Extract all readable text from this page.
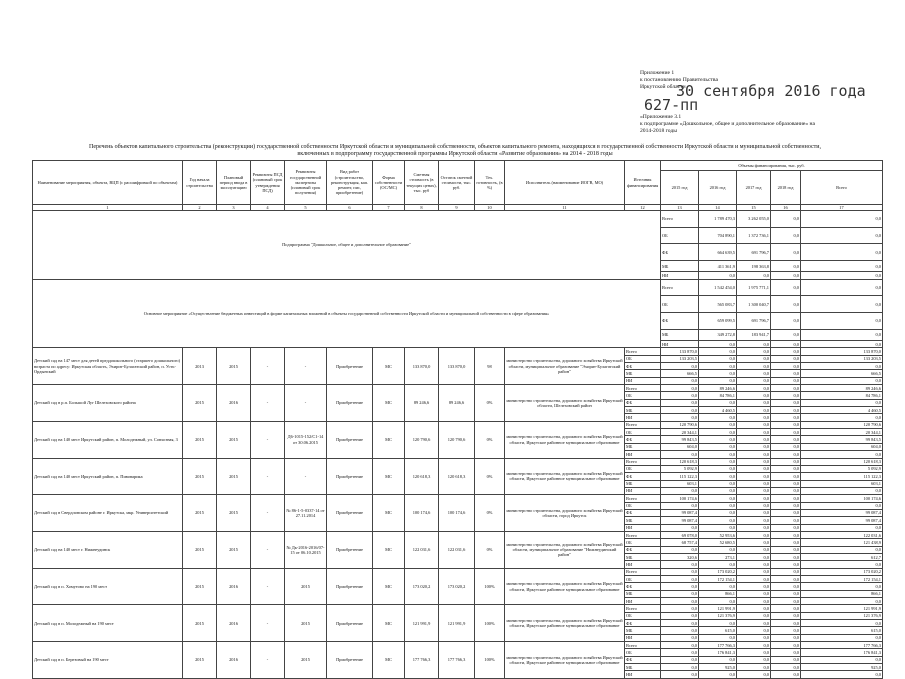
Приложение 1
к постановлению Правительства
Иркутской области
30 сентября 2016 года
627-пп
«Приложение 3.1
к подпрограмме «Дошкольное, общее и дополнительное образование» на
2014-2018 годы
Перечень объектов капитального строительства (реконструкции) государственной собственности Иркутской области и муниципальной собственности, объектов капитального ремонта, находящихся в государственной собственности Иркутской области и муниципальной собственности,
включенных в подпрограмму государственной программы Иркутской области «Развитие образования» на 2014 - 2018 годы
Наименование мероприятия, объекта, ВЦП (с расшифровкой по объектам)	Год начала строительства	Плановый период ввода в эксплуатацию	Реквизиты ПСД (плановый срок утверждения ПСД)	Реквизиты государственной экспертизы (плановый срок получения)	Вид работ (строительство, реконструкция, кап. ремонт, пис, приобретение)	Форма собственности (ОС/МС)	Сметная стоимость (в текущих ценах), тыс. руб	Остаток сметной стоимости, тыс. руб.	Тех. готовность, (в %)	Исполнитель (наименование ИОГВ, МО)	Источник финансирования	Объемы финансирования, тыс. руб.					
												2015 год	2016 год	2017 год	2018 год	Всего	
1	2	3	4	5	6	7	8	9	10	11	12	13	14	15	16	17	
Подпрограмма "Дошкольное, общее и дополнительное образование"												Всего	1 789 470,3	3 262 055,0	0,0	0,0	
												ОБ	704 890,1	1 372 736,1	0,0	0,0	
												ФБ	664 639,5	691 796,7	0,0	0,0	
												МБ	411 361,9	198 363,8	0,0	0,0	
												НИ	0,0	0,0	0,0	0,0	
Основное мероприятие «Осуществление бюджетных инвестиций в форме капитальных вложений в объекты государственной собственности Иркутской области и муниципальной собственности в сфере образования»												Всего	1 542 454,0	1 975 771,1	0,0	0,0	
												ОБ	565 083,7	1 300 040,7	0,0	0,0	
												ФБ	659 099,5	691 796,7	0,0	0,0	
												МБ	349 272,8	183 941,7	0,0	0,0	
												НИ	0,0	0,0	0,0	0,0	
Детский сад на 147 мест для детей преддошкольного (старшего дошкольного) возраста по адресу: Иркутская область, Эхирит-Булагатский район, п. Усть-Ордынский	2013	2015	-	-	Приобретение	МС	133 870,0	133 870,0	98	министерство строительства, дорожного хозяйства Иркутской области, муниципальное образование "Эхирит-Булагатский район"	Всего	133 870,0	0,0	0,0	0,0	133 870,0	
											ОБ	133 203,5	0,0	0,0	0,0	133 203,5	
											ФБ	0,0	0,0	0,0	0,0	0,0	
											МБ	666,5	0,0	0,0	0,0	666,5	
											НИ	0,0	0,0	0,0	0,0	0,0	
Детский сад в р.п. Большой Луг Шелеховского района	2015	2016	-	-	Приобретение	МС	89 246,6	89 246,6	0%	министерство строительства, дорожного хозяйства Иркутской области, Шелеховский район	Всего	0,0	89 246,6	0,0	0,0	89 246,6	
											ОБ	0,0	84 786,1	0,0	0,0	84 786,1	
											ФБ	0,0	0,0	0,0	0,0	0,0	
											МБ	0,0	4 460,5	0,0	0,0	4 460,5	
											НИ	0,0	0,0	0,0	0,0	0,0	
Детский сад на 140 мест Иркутский район, п. Молодежный, ул. Совхозная, 3	2015	2015	-	Д6-1015-152/С1-14 от 30.06.2015	Приобретение	МС	120 790,6	120 790,6	0%	министерство строительства, дорожного хозяйства Иркутской области, Иркутское районное муниципальное образование	Всего	120 790,6	0,0	0,0	0,0	120 790,6	
											ОБ	20 344,1	0,0	0,0	0,0	20 344,1	
											ФБ	99 843,5	0,0	0,0	0,0	99 843,5	
											МБ	604,0	0,0	0,0	0,0	604,0	
											НИ	0,0	0,0	0,0	0,0	0,0	
Детский сад на 140 мест Иркутский район, п. Пивоварика	2015	2015	-	-	Приобретение	МС	120 618,3	120 618,3	0%	министерство строительства, дорожного хозяйства Иркутской области, Иркутское районное муниципальное образование	Всего	120 618,3	0,0	0,0	0,0	120 618,3	
											ОБ	5 092,9	0,0	0,0	0,0	5 092,9	
											ФБ	115 122,3	0,0	0,0	0,0	115 122,3	
											МБ	603,1	0,0	0,0	0,0	603,1	
											НИ	0,0	0,0	0,0	0,0	0,0	
Детский сад в Свердловском районе г. Иркутска, мкр. Университетский	2015	2015	-	№ 86-1-5-0337-14 от 27.11.2014	Приобретение	МС	100 174,6	100 174,6	0%	министерство строительства, дорожного хозяйства Иркутской области, город Иркутск	Всего	100 174,6	0,0	0,0	0,0	100 174,6	
											ОБ	0,0	0,0	0,0	0,0	0,0	
											ФБ	99 087,4	0,0	0,0	0,0	99 087,4	
											МБ	99 087,4	0,0	0,0	0,0	99 087,4	
											НИ	0,0	0,0	0,0	0,0	0,0	
Детский сад на 140 мест г. Нижнеудинск	2015	2015	-	№ Дк-2016-2016/07-15 от 06.10.2015	Приобретение	МС	122 031,6	122 031,6	0%	министерство строительства, дорожного хозяйства Иркутской области, муниципальное образование "Нижнеудинский район"	Всего	69 078,0	52 953,6	0,0	0,0	122 031,6	
											ОБ	68 757,4	52 680,5	0,0	0,0	121 438,9	
											ФБ	0,0	0,0	0,0	0,0	0,0	
											МБ	320,6	273,1	0,0	0,0	612,7	
											НИ	0,0	0,0	0,0	0,0	0,0	
Детский сад в п. Хомутово на 190 мест	2015	2016	-	2015	Приобретение	МС	173 020,2	173 020,2	100%	министерство строительства, дорожного хозяйства Иркутской области, Иркутское районное муниципальное образование	Всего	0,0	173 020,2	0,0	0,0	173 020,2	
											ОБ	0,0	172 154,1	0,0	0,0	172 154,1	
											ФБ	0,0	0,0	0,0	0,0	0,0	
											МБ	0,0	866,1	0,0	0,0	866,1	
											НИ	0,0	0,0	0,0	0,0	0,0	
Детский сад в п. Молодежный на 190 мест	2015	2016	-	2015	Приобретение	МС	121 991,9	121 991,9	100%	министерство строительства, дорожного хозяйства Иркутской области, Иркутское районное муниципальное образование	Всего	0,0	121 991,9	0,0	0,0	121 991,9	
											ОБ	0,0	121 376,9	0,0	0,0	121 376,9	
											ФБ	0,0	0,0	0,0	0,0	0,0	
											МБ	0,0	615,0	0,0	0,0	615,0	
											НИ	0,0	0,0	0,0	0,0	0,0	
Детский сад в п. Березовый на 190 мест	2015	2016	-	2015	Приобретение	МС	177 766,3	177 766,3	100%	министерство строительства, дорожного хозяйства Иркутской области, Иркутское районное муниципальное образование	Всего	0,0	177 766,3	0,0	0,0	177 766,3	
											ОБ	0,0	176 841,3	0,0	0,0	176 841,3	
											ФБ	0,0	0,0	0,0	0,0	0,0	
											МБ	0,0	925,0	0,0	0,0	925,0	
											НИ	0,0	0,0	0,0	0,0	0,0	
